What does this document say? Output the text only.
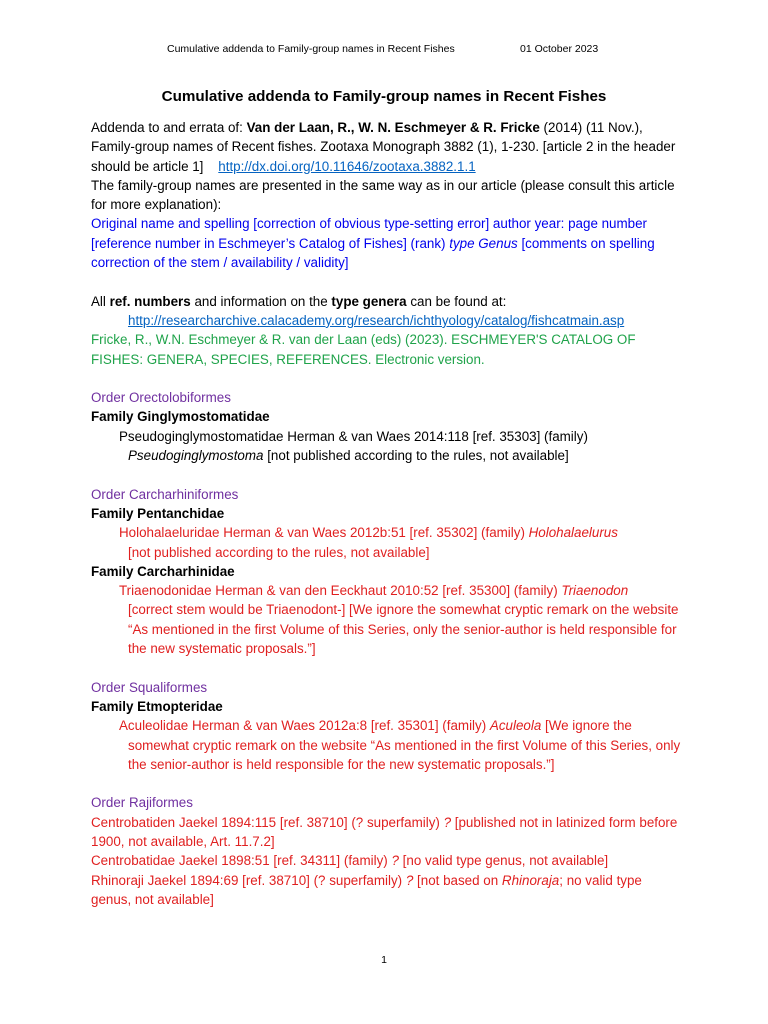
Cumulative addenda to Family-group names in Recent Fishes	01 October 2023
Cumulative addenda to Family-group names in Recent Fishes

Addenda to and errata of: Van der Laan, R., W. N. Eschmeyer & R. Fricke (2014) (11 Nov.), Family-group names of Recent fishes. Zootaxa Monograph 3882 (1), 1-230. [article 2 in the header should be article 1] http://dx.doi.org/10.11646/zootaxa.3882.1.1

The family-group names are presented in the same way as in our article (please consult this article for more explanation):

Original name and spelling [correction of obvious type-setting error] author year: page number [reference number in Eschmeyer’s Catalog of Fishes] (rank) type Genus [comments on spelling correction of the stem / availability / validity]

All ref. numbers and information on the type genera can be found at:

http://researcharchive.calacademy.org/research/ichthyology/catalog/fishcatmain.asp

Fricke, R., W.N. Eschmeyer & R. van der Laan (eds) (2023). ESCHMEYER'S CATALOG OF FISHES: GENERA, SPECIES, REFERENCES. Electronic version.

Order Orectolobiformes

Family Ginglymostomatidae

Pseudoginglymostomatidae Herman & van Waes 2014:118 [ref. 35303] (family)

Pseudoginglymostoma [not published according to the rules, not available]

Order Carcharhiniformes

Family Pentanchidae

Holohalaeluridae Herman & van Waes 2012b:51 [ref. 35302] (family) Holohalaelurus

[not published according to the rules, not available]

Family Carcharhinidae

Triaenodonidae Herman & van den Eeckhaut 2010:52 [ref. 35300] (family) Triaenodon

[correct stem would be Triaenodont-] [We ignore the somewhat cryptic remark on the website “As mentioned in the first Volume of this Series, only the senior-author is held responsible for the new systematic proposals.”]

Order Squaliformes

Family Etmopteridae

Aculeolidae Herman & van Waes 2012a:8 [ref. 35301] (family) Aculeola [We ignore the somewhat cryptic remark on the website “As mentioned in the first Volume of this Series, only the senior-author is held responsible for the new systematic proposals.”]

Order Rajiformes

Centrobatiden Jaekel 1894:115 [ref. 38710] (? superfamily) ? [published not in latinized form before 1900, not available, Art. 11.7.2]

Centrobatidae Jaekel 1898:51 [ref. 34311] (family) ? [no valid type genus, not available]

Rhinoraji Jaekel 1894:69 [ref. 38710] (? superfamily) ? [not based on Rhinoraja; no valid type genus, not available]

1
